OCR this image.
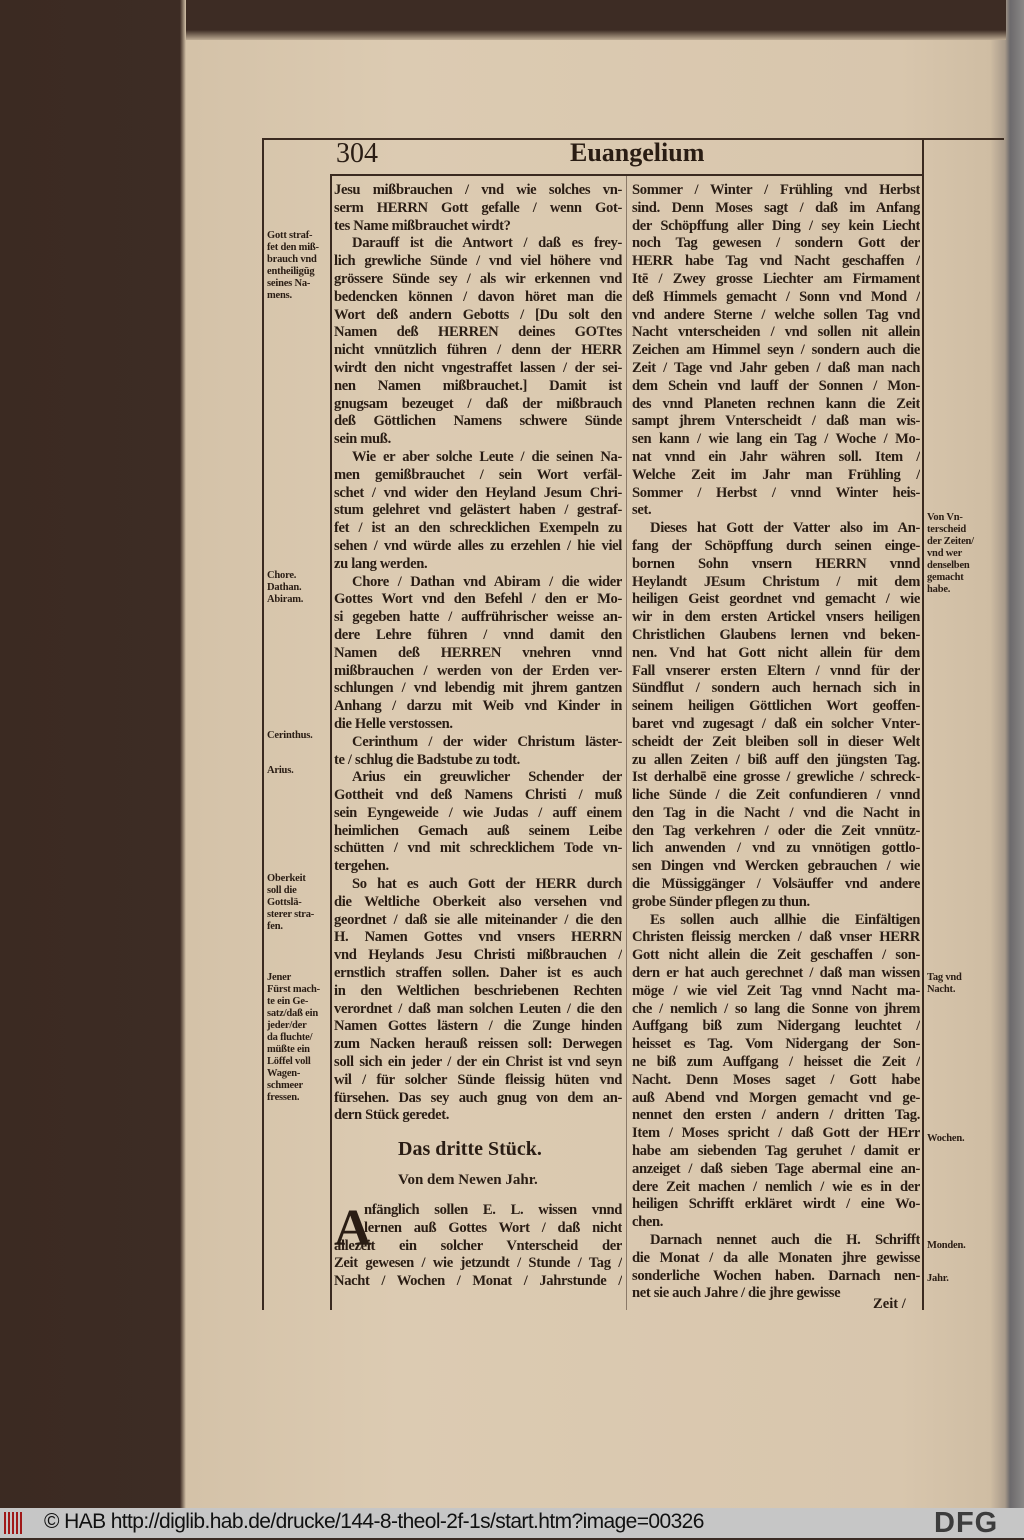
304	Euangelium
Jesu mißbrauchen / vnd wie solches vn-
serm HERRN Gott gefalle / wenn Got-
tes Name mißbrauchet wirdt?
Darauff ist die Antwort / daß es frey-
lich grewliche Sünde / vnd viel höhere vnd
grössere Sünde sey / als wir erkennen vnd
bedencken können / davon höret man die
Wort deß andern Gebotts / [Du solt den
Namen deß HERREN deines GOTtes
nicht vnnützlich führen / denn der HERR
wirdt den nicht vngestraffet lassen / der sei-
nen Namen mißbrauchet.] Damit ist
gnugsam bezeuget / daß der mißbrauch
deß Göttlichen Namens schwere Sünde
sein muß.
Wie er aber solche Leute / die seinen Na-
men gemißbrauchet / sein Wort verfäl-
schet / vnd wider den Heyland Jesum Chri-
stum gelehret vnd gelästert haben / gestraf-
fet / ist an den schrecklichen Exempeln zu
sehen / vnd würde alles zu erzehlen / hie viel
zu lang werden.
Chore / Dathan vnd Abiram / die wider
Gottes Wort vnd den Befehl / den er Mo-
si gegeben hatte / auffrührischer weisse an-
dere Lehre führen / vnnd damit den
Namen deß HERREN vnehren vnnd
mißbrauchen / werden von der Erden ver-
schlungen / vnd lebendig mit jhrem gantzen
Anhang / darzu mit Weib vnd Kinder in
die Helle verstossen.
Cerinthum / der wider Christum läster-
te / schlug die Badstube zu todt.
Arius ein greuwlicher Schender der
Gottheit vnd deß Namens Christi / muß
sein Eyngeweide / wie Judas / auff einem
heimlichen Gemach auß seinem Leibe
schütten / vnd mit schrecklichem Tode vn-
tergehen.
So hat es auch Gott der HERR durch
die Weltliche Oberkeit also versehen vnd
geordnet / daß sie alle miteinander / die den
H. Namen Gottes vnd vnsers HERRN
vnd Heylands Jesu Christi mißbrauchen /
ernstlich straffen sollen. Daher ist es auch
in den Weltlichen beschriebenen Rechten
verordnet / daß man solchen Leuten / die den
Namen Gottes lästern / die Zunge hinden
zum Nacken herauß reissen soll: Derwegen
soll sich ein jeder / der ein Christ ist vnd seyn
wil / für solcher Sünde fleissig hüten vnd
fürsehen. Das sey auch gnug von dem an-
dern Stück geredet.
Sommer / Winter / Frühling vnd Herbst
sind. Denn Moses sagt / daß im Anfang
der Schöpffung aller Ding / sey kein Liecht
noch Tag gewesen / sondern Gott der
HERR habe Tag vnd Nacht geschaffen /
Itē / Zwey grosse Liechter am Firmament
deß Himmels gemacht / Sonn vnd Mond /
vnd andere Sterne / welche sollen Tag vnd
Nacht vnterscheiden / vnd sollen nit allein
Zeichen am Himmel seyn / sondern auch die
Zeit / Tage vnd Jahr geben / daß man nach
dem Schein vnd lauff der Sonnen / Mon-
des vnnd Planeten rechnen kann die Zeit
sampt jhrem Vnterscheidt / daß man wis-
sen kann / wie lang ein Tag / Woche / Mo-
nat vnnd ein Jahr währen soll. Item /
Welche Zeit im Jahr man Frühling /
Sommer / Herbst / vnnd Winter heis-
set.
Dieses hat Gott der Vatter also im An-
fang der Schöpffung durch seinen einge-
bornen Sohn vnsern HERRN vnnd
Heylandt JEsum Christum / mit dem
heiligen Geist geordnet vnd gemacht / wie
wir in dem ersten Artickel vnsers heiligen
Christlichen Glaubens lernen vnd beken-
nen. Vnd hat Gott nicht allein für dem
Fall vnserer ersten Eltern / vnnd für der
Sündflut / sondern auch hernach sich in
seinem heiligen Göttlichen Wort geoffen-
baret vnd zugesagt / daß ein solcher Vnter-
scheidt der Zeit bleiben soll in dieser Welt
zu allen Zeiten / biß auff den jüngsten Tag.
Ist derhalbē eine grosse / grewliche / schreck-
liche Sünde / die Zeit confundieren / vnnd
den Tag in die Nacht / vnd die Nacht in
den Tag verkehren / oder die Zeit vnnütz-
lich anwenden / vnd zu vnnötigen gottlo-
sen Dingen vnd Wercken gebrauchen / wie
die Müssiggänger / Volsäuffer vnd andere
grobe Sünder pflegen zu thun.
Es sollen auch allhie die Einfältigen
Christen fleissig mercken / daß vnser HERR
Gott nicht allein die Zeit geschaffen / son-
dern er hat auch gerechnet / daß man wissen
möge / wie viel Zeit Tag vnnd Nacht ma-
che / nemlich / so lang die Sonne von jhrem
Auffgang biß zum Nidergang leuchtet /
heisset es Tag. Vom Nidergang der Son-
ne biß zum Auffgang / heisset die Zeit /
Nacht. Denn Moses saget / Gott habe
auß Abend vnd Morgen gemacht vnd ge-
nennet den ersten / andern / dritten Tag.
Item / Moses spricht / daß Gott der HErr
habe am siebenden Tag geruhet / damit er
anzeiget / daß sieben Tage abermal eine an-
dere Zeit machen / nemlich / wie es in der
heiligen Schrifft erkläret wirdt / eine Wo-
chen.
Darnach nennet auch die H. Schrifft
die Monat / da alle Monaten jhre gewisse
sonderliche Wochen haben. Darnach nen-
net sie auch Jahre / die jhre gewisse
Das dritte Stück.
Von dem Newen Jahr.
A
nfänglich sollen E. L. wissen vnnd
lernen auß Gottes Wort / daß nicht
allezeit ein solcher Vnterscheid der
Zeit gewesen / wie jetzundt / Stunde / Tag /
Nacht / Wochen / Monat / Jahrstunde /
Zeit /
Gott straf-
fet den miß-
brauch vnd
entheiligūg
seines Na-
mens.
Chore.
Dathan.
Abiram.
Cerinthus.
Arius.
Oberkeit
soll die
Gottslä-
sterer stra-
fen.
Jener
Fürst mach-
te ein Ge-
satz/daß ein
jeder/der
da fluchte/
müßte ein
Löffel voll
Wagen-
schmeer
fressen.
Von Vn-
terscheid
der Zeiten/
vnd wer
denselben
gemacht
habe.
Tag vnd
Nacht.
Wochen.
Monden.
Jahr.
© HAB http://diglib.hab.de/drucke/144-8-theol-2f-1s/start.htm?image=00326	DFG
